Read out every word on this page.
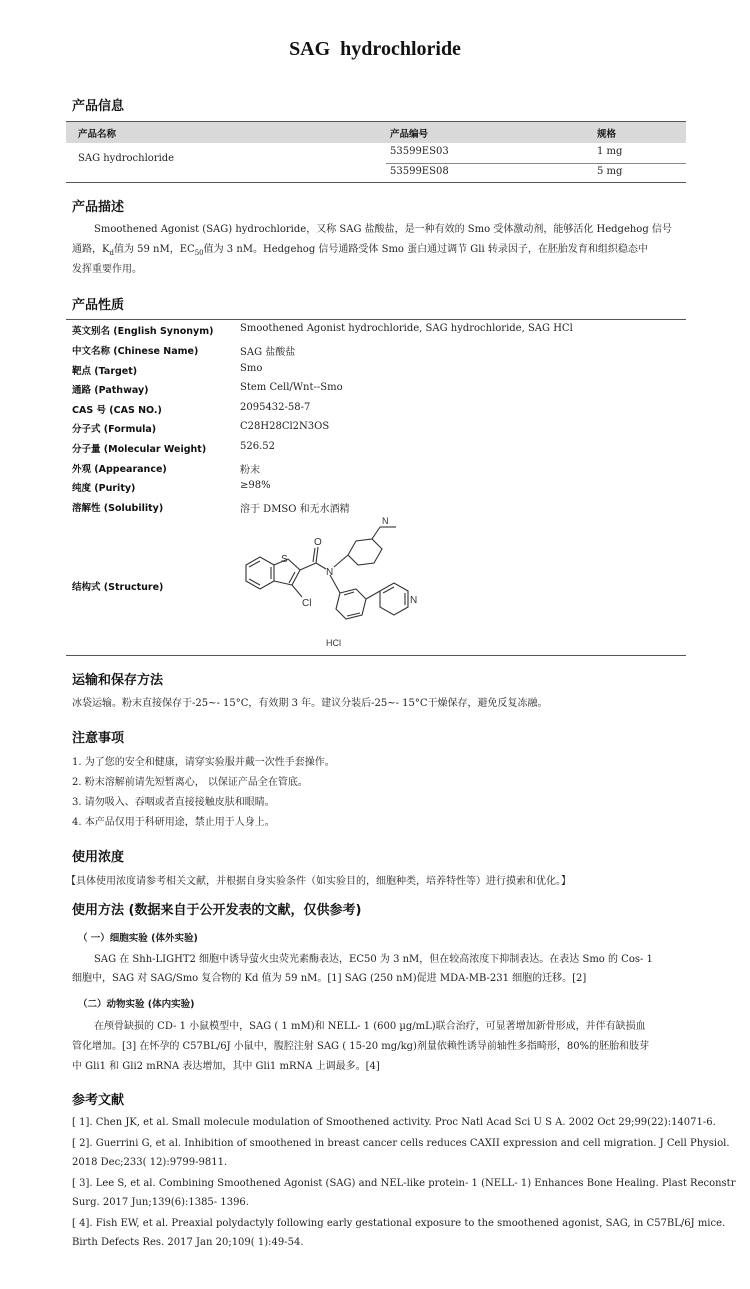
SAG  hydrochloride
产品信息
产品名称	产品编号	规格
SAG hydrochloride
53599ES03	1 mg
53599ES08	5 mg
产品描述
Smoothened Agonist (SAG) hydrochloride，又称 SAG 盐酸盐，是一种有效的 Smo 受体激动剂，能够活化 Hedgehog 信号
通路，$K_d$值为 59 nM，$EC_{50}$值为 3 nM。Hedgehog 信号通路受体 Smo 蛋白通过调节 Gli 转录因子，在胚胎发育和组织稳态中
发挥重要作用。
产品性质
英文别名 (English Synonym)	Smoothened Agonist hydrochloride, SAG hydrochloride, SAG HCl
中文名称 (Chinese Name)	SAG 盐酸盐
靶点 (Target)	Smo
通路 (Pathway)	Stem Cell/Wnt--Smo
CAS 号 (CAS NO.)	2095432-58-7
分子式 (Formula)	C28H28Cl2N3OS
分子量 (Molecular Weight)	526.52
外观 (Appearance)	粉末
纯度 (Purity)	≥98%
溶解性 (Solubility)	溶于 DMSO 和无水酒精
结构式 (Structure)
S
Cl
O
N
N
N
HCl
运输和保存方法
冰袋运输。粉末直接保存于-25~- 15°C，有效期 3 年。建议分装后-25~- 15°C干燥保存，避免反复冻融。
注意事项
1. 为了您的安全和健康，请穿实验服并戴一次性手套操作。
2. 粉末溶解前请先短暂离心， 以保证产品全在管底。
3. 请勿吸入、吞咽或者直接接触皮肤和眼睛。
4. 本产品仅用于科研用途，禁止用于人身上。
使用浓度
【具体使用浓度请参考相关文献，并根据自身实验条件（如实验目的，细胞种类，培养特性等）进行摸索和优化。】
使用方法 (数据来自于公开发表的文献，仅供参考)
（ 一）细胞实验 (体外实验)
SAG 在 Shh-LIGHT2 细胞中诱导萤火虫荧光素酶表达，EC50 为 3 nM，但在较高浓度下抑制表达。在表达 Smo 的 Cos- 1
细胞中，SAG 对 SAG/Smo 复合物的 Kd 值为 59 nM。[1] SAG (250 nM)促进 MDA-MB-231 细胞的迁移。[2]
（二）动物实验 (体内实验)
在颅骨缺损的 CD- 1 小鼠模型中，SAG ( 1 mM)和 NELL- 1 (600 µg/mL)联合治疗，可显著增加新骨形成，并伴有缺损血
管化增加。[3] 在怀孕的 C57BL/6J 小鼠中，腹腔注射 SAG ( 15-20 mg/kg)剂量依赖性诱导前轴性多指畸形，80%的胚胎和肢芽
中 Gli1 和 Gli2 mRNA 表达增加，其中 Gli1 mRNA 上调最多。[4]
参考文献
[ 1]. Chen JK, et al. Small molecule modulation of Smoothened activity. Proc Natl Acad Sci U S A. 2002 Oct 29;99(22):14071-6.
[ 2]. Guerrini G, et al. Inhibition of smoothened in breast cancer cells reduces CAXII expression and cell migration. J Cell Physiol.
2018 Dec;233( 12):9799-9811.
[ 3]. Lee S, et al. Combining Smoothened Agonist (SAG) and NEL-like protein- 1 (NELL- 1) Enhances Bone Healing. Plast Reconstr
Surg. 2017 Jun;139(6):1385- 1396.
[ 4]. Fish EW, et al. Preaxial polydactyly following early gestational exposure to the smoothened agonist, SAG, in C57BL/6J mice.
Birth Defects Res. 2017 Jan 20;109( 1):49-54.
